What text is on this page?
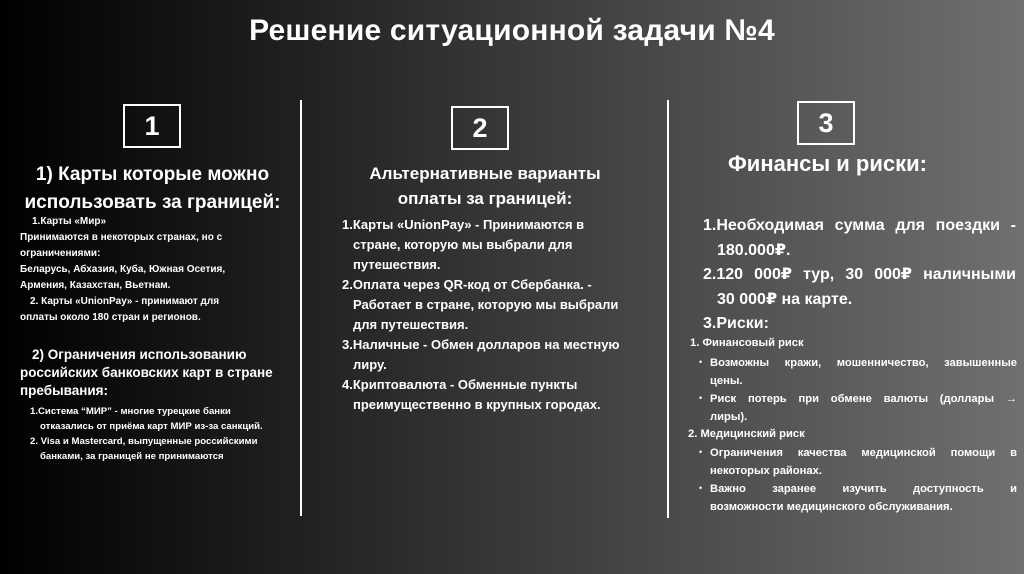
Решение ситуационной задачи №4
1
1) Карты которые можно
использовать за границей:
1.Карты «Мир»
Принимаются в некоторых странах, но с
ограничениями:
Беларусь, Абхазия, Куба, Южная Осетия,
Армения, Казахстан, Вьетнам.
2. Карты «UnionPay» - принимают для
оплаты около 180 стран и регионов.
2) Ограничения использованию
российских банковских карт в стране
пребывания:
1.Система “МИР” - многие турецкие банки
отказались от приёма карт МИР из-за санкций.
2. Visa и Mastercard, выпущенные российскими
банками, за границей не принимаются
2
Альтернативные варианты
оплаты за границей:
1.Карты «UnionPay» - Принимаются в
стране, которую мы выбрали для
путешествия.
2.Оплата через QR-код от Сбербанка. -
Работает в стране, которую мы выбрали
для путешествия.
3.Наличные - Обмен долларов на местную
лиру.
4.Криптовалюта - Обменные пункты
преимущественно в крупных городах.
3
Финансы и риски:
1.Необходимая сумма для поездки -
180.000₽.
2.120 000₽ тур, 30 000₽ наличными
30 000₽ на карте.
3.Риски:
1. Финансовый риск
• Возможны кражи, мошенничество, завышенные
цены.
• Риск потерь при обмене валюты (доллары →
лиры).
2. Медицинский риск
• Ограничения качества медицинской помощи в
некоторых районах.
• Важно заранее изучить доступность и
возможности медицинского обслуживания.
